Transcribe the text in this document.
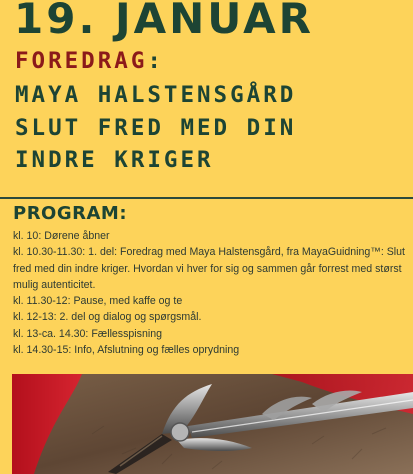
19. JANUAR
FOREDRAG:
MAYA HALSTENSGÅRD
SLUT FRED MED DIN
INDRE KRIGER
PROGRAM:
kl. 10: Dørene åbner
kl. 10.30-11.30: 1. del: Foredrag med Maya Halstensgård, fra MayaGuidning™: Slut fred med din indre kriger. Hvordan vi hver for sig og sammen går forrest med størst mulig autenticitet.
kl. 11.30-12: Pause, med kaffe og te
kl. 12-13: 2. del og dialog og spørgsmål.
kl. 13-ca. 14.30: Fællesspisning
kl. 14.30-15: Info, Afslutning og fælles oprydning
